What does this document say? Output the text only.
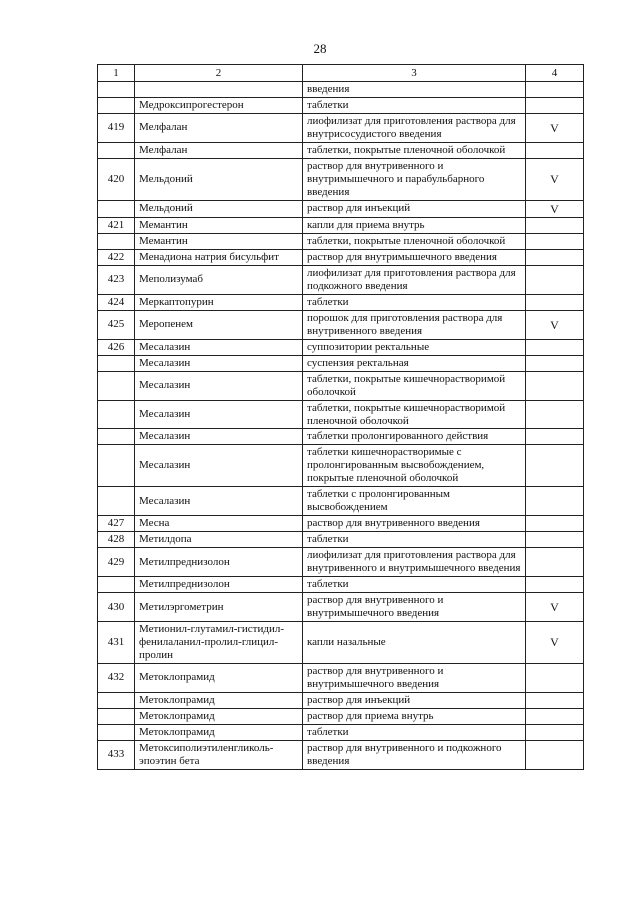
28
1	2	3	4
		введения	
	Медроксипрогестерон	таблетки	
419	Мелфалан	лиофилизат для приготовления раствора для внутрисосудистого введения	V
	Мелфалан	таблетки, покрытые пленочной оболочкой	
420	Мельдоний	раствор для внутривенного и внутримышечного и парабульбарного введения	V
	Мельдоний	раствор для инъекций	V
421	Мемантин	капли для приема внутрь	
	Мемантин	таблетки, покрытые пленочной оболочкой	
422	Менадиона натрия бисульфит	раствор для внутримышечного введения	
423	Меполизумаб	лиофилизат для приготовления раствора для подкожного введения	
424	Меркаптопурин	таблетки	
425	Меропенем	порошок для приготовления раствора для внутривенного введения	V
426	Месалазин	суппозитории ректальные	
	Месалазин	суспензия ректальная	
	Месалазин	таблетки, покрытые кишечнорастворимой оболочкой	
	Месалазин	таблетки, покрытые кишечнорастворимой пленочной оболочкой	
	Месалазин	таблетки пролонгированного действия	
	Месалазин	таблетки кишечнорастворимые с пролонгированным высвобождением, покрытые пленочной оболочкой	
	Месалазин	таблетки с пролонгированным высвобождением	
427	Месна	раствор для внутривенного введения	
428	Метилдопа	таблетки	
429	Метилпреднизолон	лиофилизат для приготовления раствора для внутривенного и внутримышечного введения	
	Метилпреднизолон	таблетки	
430	Метилэргометрин	раствор для внутривенного и внутримышечного введения	V
431	Метионил-глутамил-гистидил-фенилаланил-пролил-глицил-пролин	капли назальные	V
432	Метоклопрамид	раствор для внутривенного и внутримышечного введения	
	Метоклопрамид	раствор для инъекций	
	Метоклопрамид	раствор для приема внутрь	
	Метоклопрамид	таблетки	
433	Метоксиполиэтиленгликоль-эпоэтин бета	раствор для внутривенного и подкожного введения	
